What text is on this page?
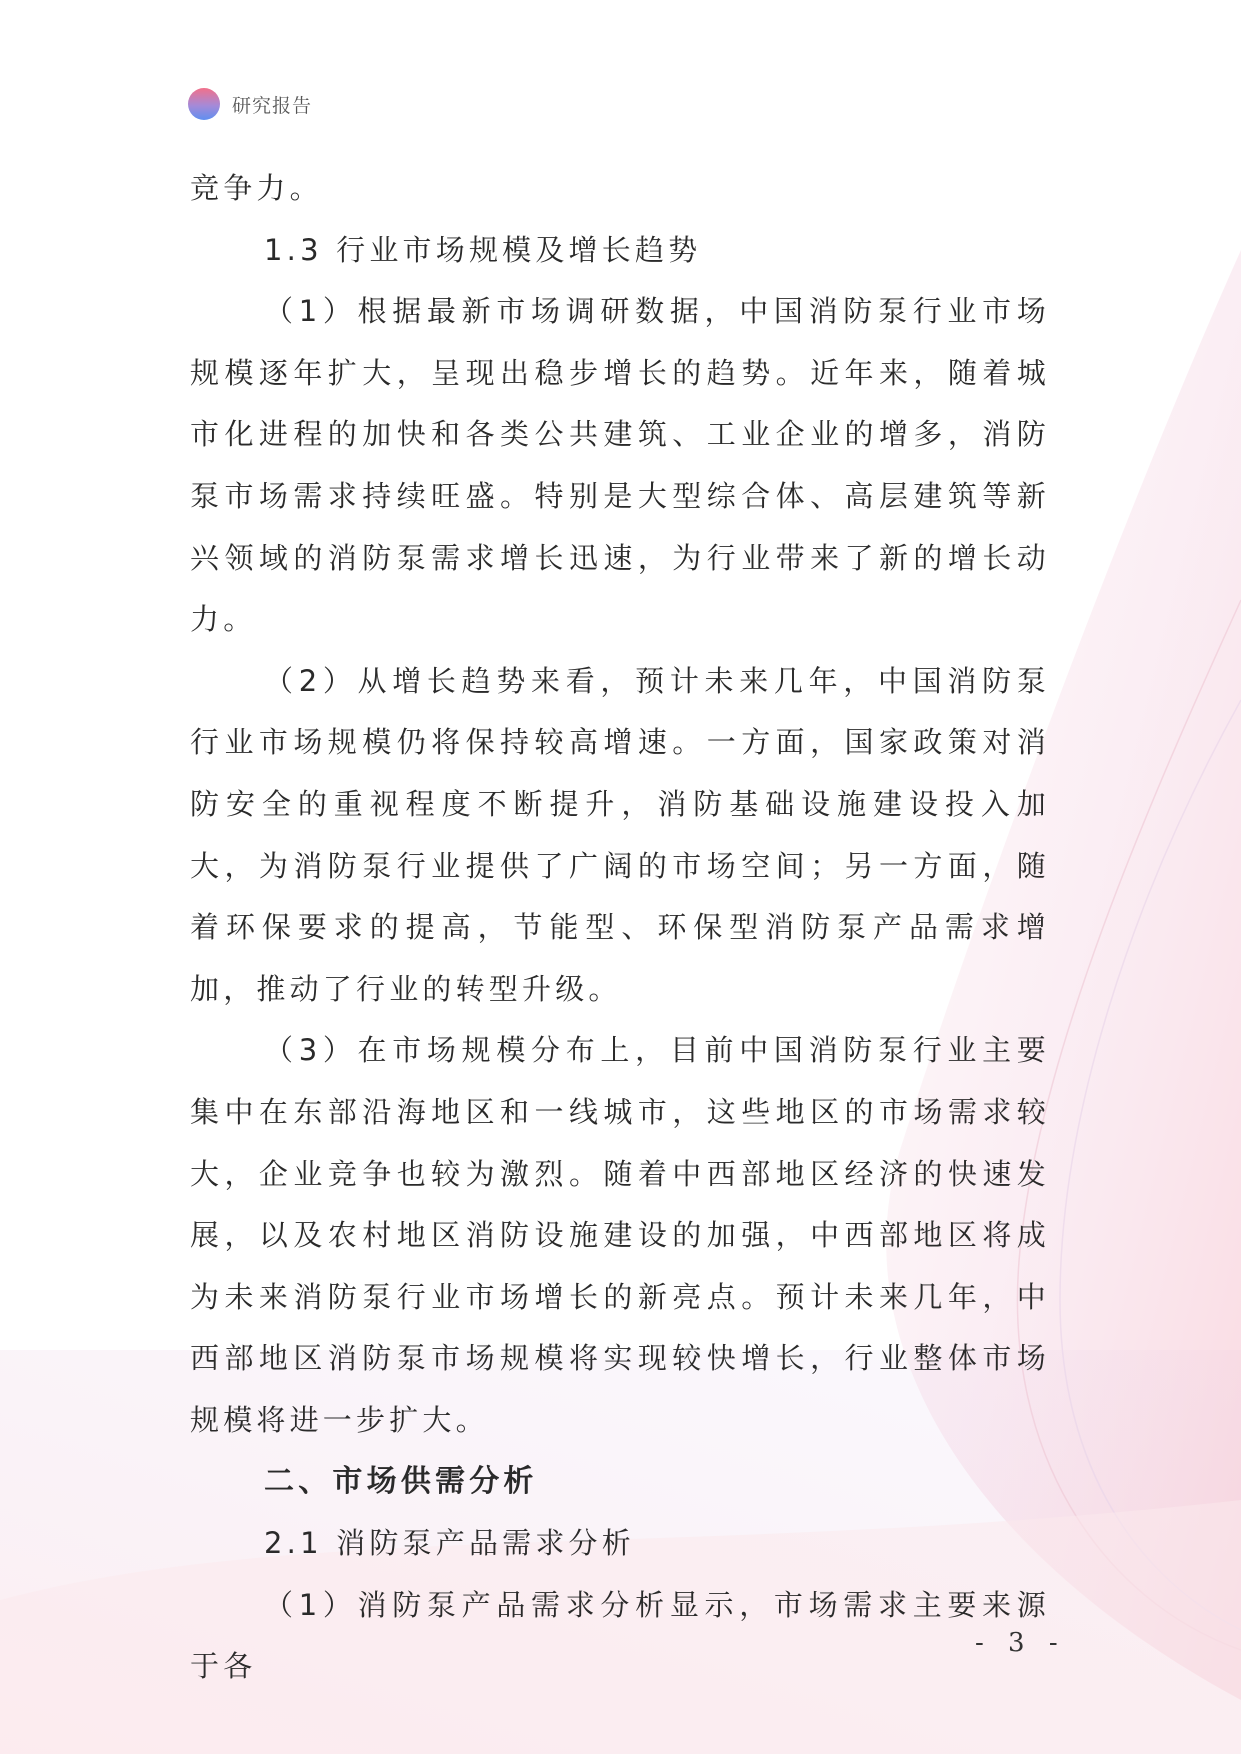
研究报告

竞争力。

1.3 行业市场规模及增长趋势

（1）根据最新市场调研数据，中国消防泵行业市场规模逐年扩大，呈现出稳步增长的趋势。近年来，随着城市化进程的加快和各类公共建筑、工业企业的增多，消防泵市场需求持续旺盛。特别是大型综合体、高层建筑等新兴领域的消防泵需求增长迅速，为行业带来了新的增长动力。

（2）从增长趋势来看，预计未来几年，中国消防泵行业市场规模仍将保持较高增速。一方面，国家政策对消防安全的重视程度不断提升，消防基础设施建设投入加大，为消防泵行业提供了广阔的市场空间；另一方面，随着环保要求的提高，节能型、环保型消防泵产品需求增加，推动了行业的转型升级。

（3）在市场规模分布上，目前中国消防泵行业主要集中在东部沿海地区和一线城市，这些地区的市场需求较大，企业竞争也较为激烈。随着中西部地区经济的快速发展，以及农村地区消防设施建设的加强，中西部地区将成为未来消防泵行业市场增长的新亮点。预计未来几年，中西部地区消防泵市场规模将实现较快增长，行业整体市场规模将进一步扩大。

二、市场供需分析

2.1 消防泵产品需求分析

（1）消防泵产品需求分析显示，市场需求主要来源于各

- 3 -
